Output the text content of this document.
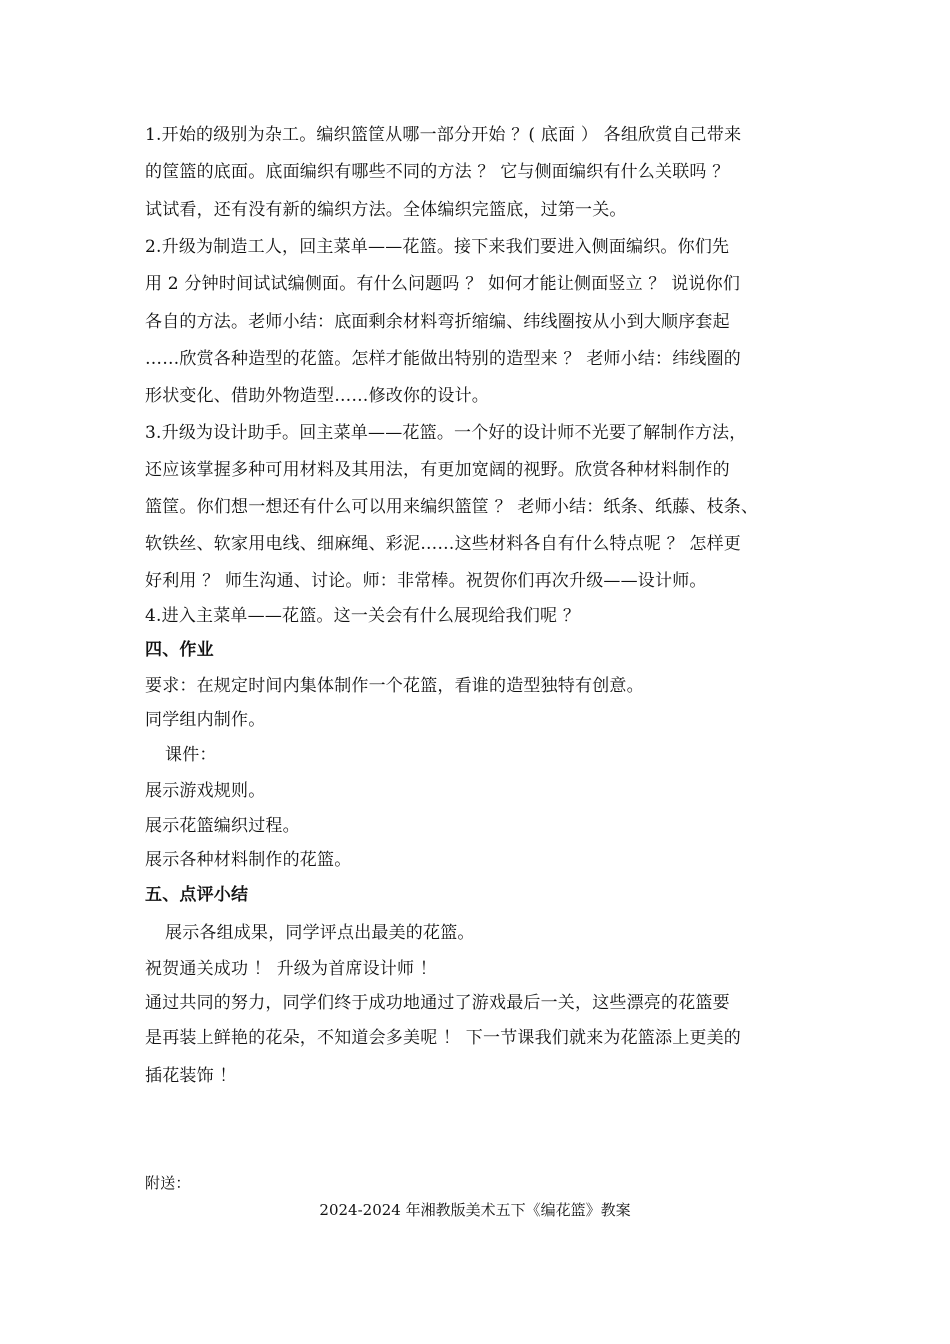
1.开始的级别为杂工。编织篮筐从哪一部分开始 ？( 底面 ） 各组欣赏自己带来
的筐篮的底面。底面编织有哪些不同的方法 ？ 它与侧面编织有什么关联吗 ？
试试看，还有没有新的编织方法。全体编织完篮底，过第一关。
2.升级为制造工人，回主菜单——花篮。接下来我们要进入侧面编织。你们先
用 2 分钟时间试试编侧面。有什么问题吗 ？ 如何才能让侧面竖立 ？ 说说你们
各自的方法。老师小结：底面剩余材料弯折缩编、纬线圈按从小到大顺序套起
……欣赏各种造型的花篮。怎样才能做出特别的造型来 ？ 老师小结：纬线圈的
形状变化、借助外物造型……修改你的设计。
3.升级为设计助手。回主菜单——花篮。一个好的设计师不光要了解制作方法，
还应该掌握多种可用材料及其用法，有更加宽阔的视野。欣赏各种材料制作的
篮筐。你们想一想还有什么可以用来编织篮筐 ？ 老师小结：纸条、纸藤、枝条、
软铁丝、软家用电线、细麻绳、彩泥……这些材料各自有什么特点呢 ？ 怎样更
好利用 ？ 师生沟通、讨论。师：非常棒。祝贺你们再次升级——设计师。
4.进入主菜单——花篮。这一关会有什么展现给我们呢 ？
四、作业
要求：在规定时间内集体制作一个花篮，看谁的造型独特有创意。
同学组内制作。
课件：
展示游戏规则。
展示花篮编织过程。
展示各种材料制作的花篮。
五、点评小结
展示各组成果，同学评点出最美的花篮。
祝贺通关成功 ！ 升级为首席设计师 ！
通过共同的努力，同学们终于成功地通过了游戏最后一关，这些漂亮的花篮要
是再装上鲜艳的花朵，不知道会多美呢 ！ 下一节课我们就来为花篮添上更美的
插花装饰 ！
附送：
2024-2024 年湘教版美术五下《编花篮》教案
